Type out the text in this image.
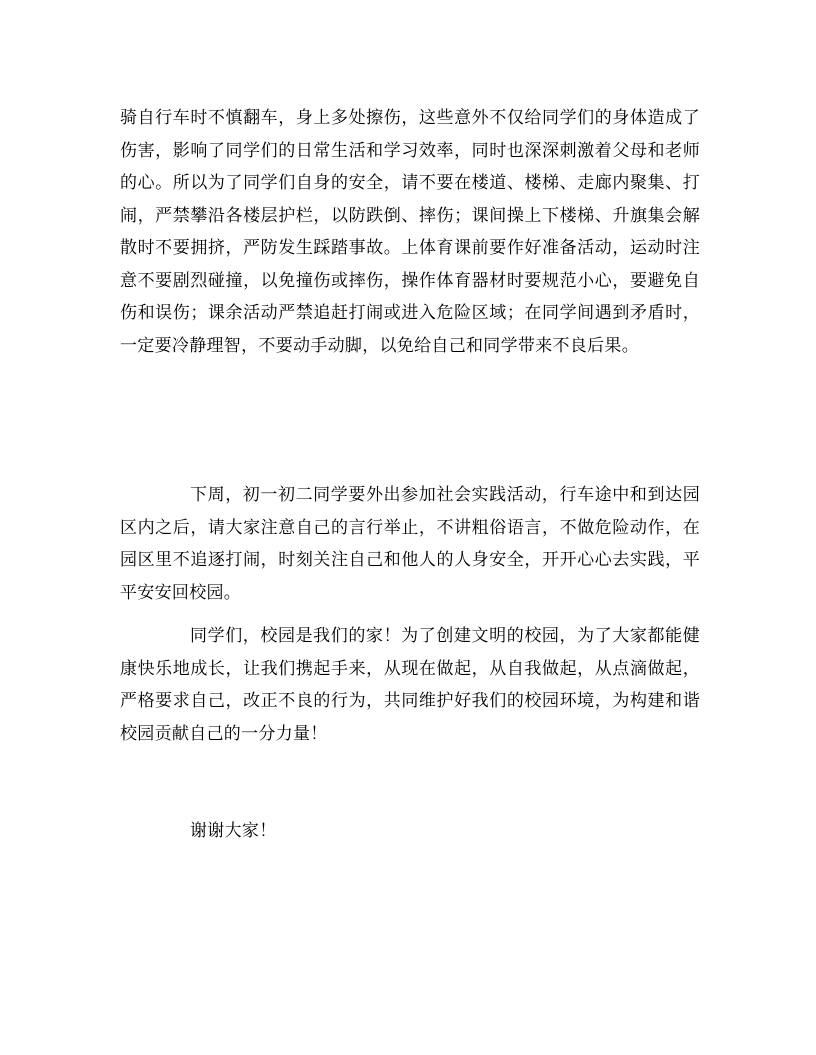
骑自行车时不慎翻车，身上多处擦伤，这些意外不仅给同学们的身体造成了伤害，影响了同学们的日常生活和学习效率，同时也深深刺激着父母和老师的心。所以为了同学们自身的安全，请不要在楼道、楼梯、走廊内聚集、打闹，严禁攀沿各楼层护栏，以防跌倒、摔伤；课间操上下楼梯、升旗集会解散时不要拥挤，严防发生踩踏事故。上体育课前要作好准备活动，运动时注意不要剧烈碰撞，以免撞伤或摔伤，操作体育器材时要规范小心，要避免自伤和误伤；课余活动严禁追赶打闹或进入危险区域；在同学间遇到矛盾时，一定要冷静理智，不要动手动脚，以免给自己和同学带来不良后果。

下周，初一初二同学要外出参加社会实践活动，行车途中和到达园区内之后，请大家注意自己的言行举止，不讲粗俗语言，不做危险动作，在园区里不追逐打闹，时刻关注自己和他人的人身安全，开开心心去实践，平平安安回校园。

同学们，校园是我们的家！为了创建文明的校园，为了大家都能健康快乐地成长，让我们携起手来，从现在做起，从自我做起，从点滴做起，严格要求自己，改正不良的行为，共同维护好我们的校园环境，为构建和谐校园贡献自己的一分力量！

谢谢大家！
